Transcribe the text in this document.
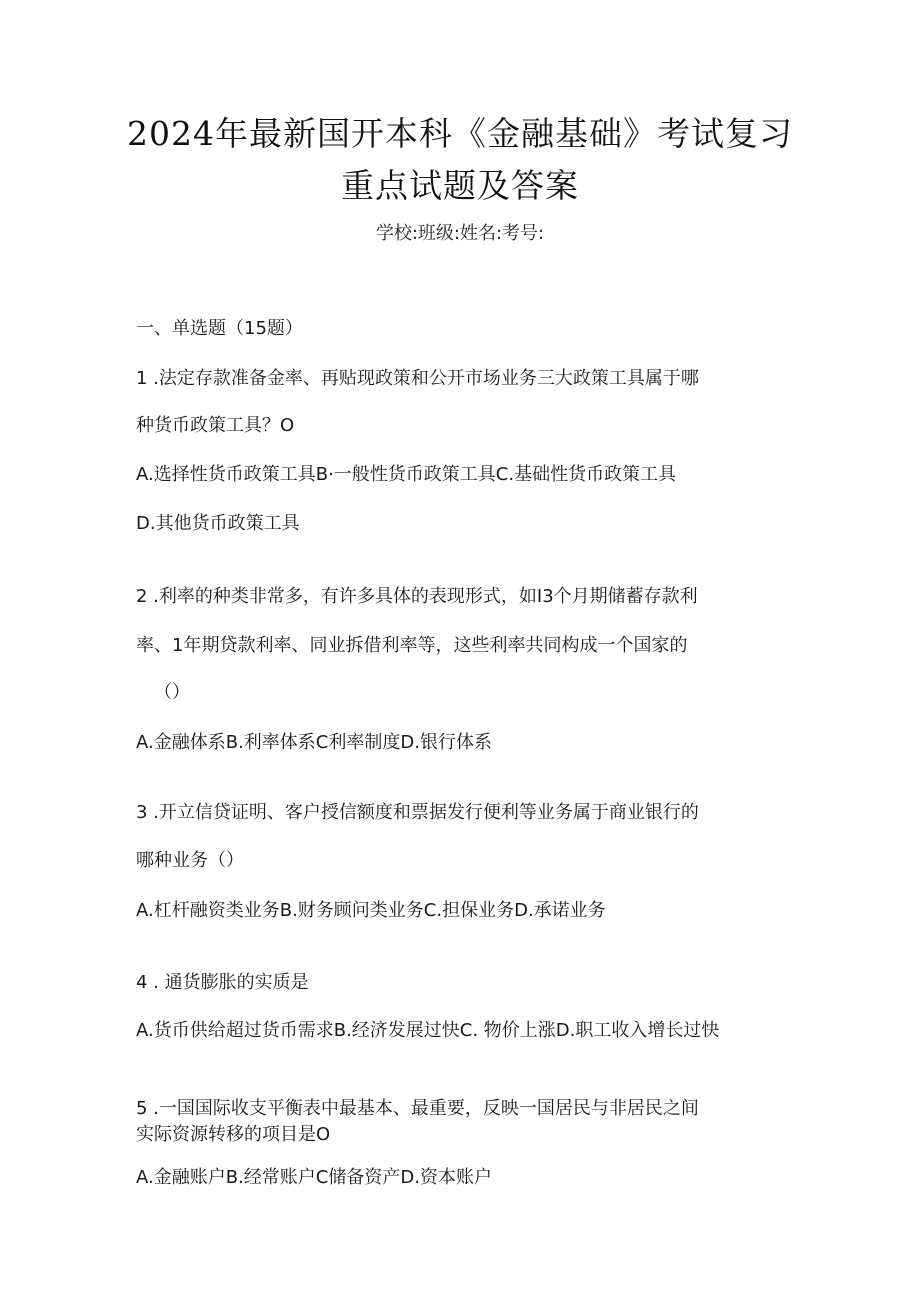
2024年最新国开本科《金融基础》考试复习
重点试题及答案
学校:班级:姓名:考号:
一、单选题（15题）
1 .法定存款准备金率、再贴现政策和公开市场业务三大政策工具属于哪
种货币政策工具？O
A.选择性货币政策工具B·一般性货币政策工具C.基础性货币政策工具
D.其他货币政策工具
2 .利率的种类非常多，有许多具体的表现形式，如I3个月期储蓄存款利
率、1年期贷款利率、同业拆借利率等，这些利率共同构成一个国家的
（）
A.金融体系B.利率体系C利率制度D.银行体系
3 .开立信贷证明、客户授信额度和票据发行便利等业务属于商业银行的
哪种业务（）
A.杠杆融资类业务B.财务顾问类业务C.担保业务D.承诺业务
4 . 通货膨胀的实质是
A.货币供给超过货币需求B.经济发展过快C. 物价上涨D.职工收入增长过快
5 .一国国际收支平衡表中最基本、最重要，反映一国居民与非居民之间
实际资源转移的项目是O
A.金融账户B.经常账户C储备资产D.资本账户
